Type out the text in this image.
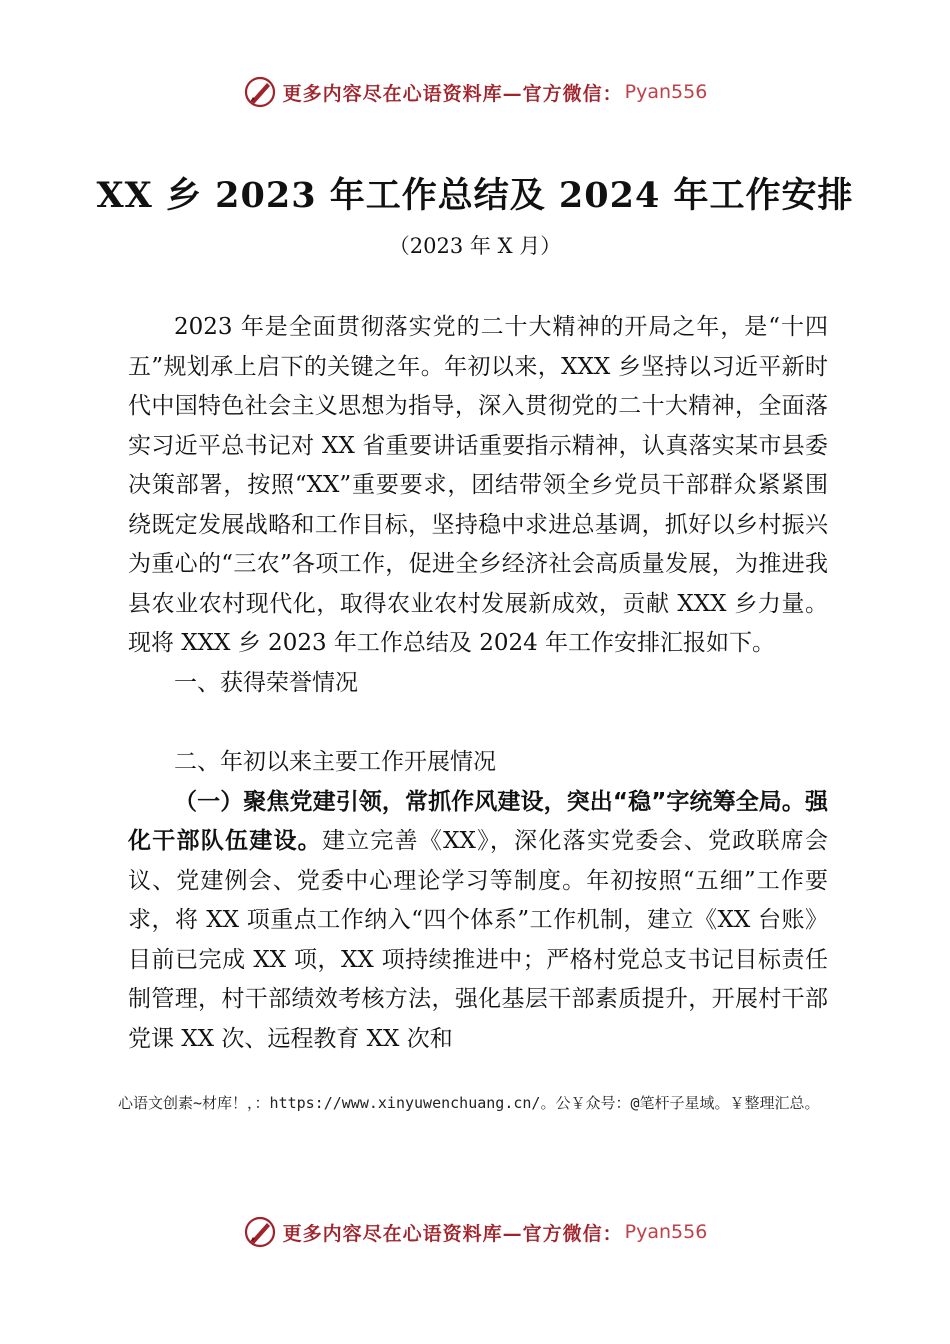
更多内容尽在心语资料库—官方微信： Pyan556
XX 乡 2023 年工作总结及 2024 年工作安排
（2023 年 X 月）

2023 年是全面贯彻落实党的二十大精神的开局之年，是“十四五”规划承上启下的关键之年。年初以来，XXX 乡坚持以习近平新时代中国特色社会主义思想为指导，深入贯彻党的二十大精神，全面落实习近平总书记对 XX 省重要讲话重要指示精神，认真落实某市县委决策部署，按照“XX”重要要求，团结带领全乡党员干部群众紧紧围绕既定发展战略和工作目标，坚持稳中求进总基调，抓好以乡村振兴为重心的“三农”各项工作，促进全乡经济社会高质量发展，为推进我县农业农村现代化，取得农业农村发展新成效，贡献 XXX 乡力量。现将 XXX 乡 2023 年工作总结及 2024 年工作安排汇报如下。

一、获得荣誉情况

二、年初以来主要工作开展情况

（一）聚焦党建引领，常抓作风建设，突出“稳”字统筹全局。强化干部队伍建设。建立完善《XX》，深化落实党委会、党政联席会议、党建例会、党委中心理论学习等制度。年初按照“五细”工作要求，将 XX 项重点工作纳入“四个体系”工作机制，建立《XX 台账》目前已完成 XX 项，XX 项持续推进中；严格村党总支书记目标责任制管理，村干部绩效考核方法，强化基层干部素质提升，开展村干部党课 XX 次、远程教育 XX 次和

心语文创素~材库！，：https://www.xinyuwenchuang.cn/。公￥众号：@笔杆子星域。￥整理汇总。
更多内容尽在心语资料库—官方微信： Pyan556
